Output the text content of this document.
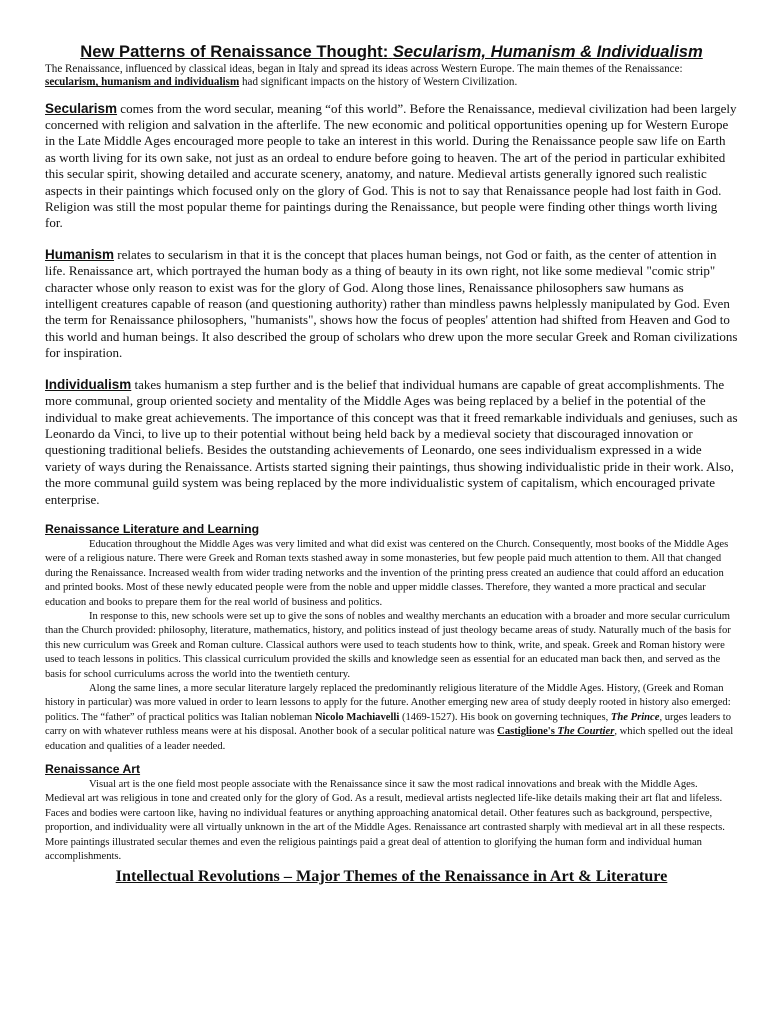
New Patterns of Renaissance Thought: Secularism, Humanism & Individualism

The Renaissance, influenced by classical ideas, began in Italy and spread its ideas across Western Europe. The main themes of the Renaissance: secularism, humanism and individualism had significant impacts on the history of Western Civilization.

Secularism comes from the word secular, meaning “of this world”. Before the Renaissance, medieval civilization had been largely concerned with religion and salvation in the afterlife. The new economic and political opportunities opening up for Western Europe in the Late Middle Ages encouraged more people to take an interest in this world. During the Renaissance people saw life on Earth as worth living for its own sake, not just as an ordeal to endure before going to heaven. The art of the period in particular exhibited this secular spirit, showing detailed and accurate scenery, anatomy, and nature. Medieval artists generally ignored such realistic aspects in their paintings which focused only on the glory of God. This is not to say that Renaissance people had lost faith in God. Religion was still the most popular theme for paintings during the Renaissance, but people were finding other things worth living for.

Humanism relates to secularism in that it is the concept that places human beings, not God or faith, as the center of attention in life. Renaissance art, which portrayed the human body as a thing of beauty in its own right, not like some medieval "comic strip" character whose only reason to exist was for the glory of God. Along those lines, Renaissance philosophers saw humans as intelligent creatures capable of reason (and questioning authority) rather than mindless pawns helplessly manipulated by God. Even the term for Renaissance philosophers, "humanists", shows how the focus of peoples' attention had shifted from Heaven and God to this world and human beings. It also described the group of scholars who drew upon the more secular Greek and Roman civilizations for inspiration.

Individualism takes humanism a step further and is the belief that individual humans are capable of great accomplishments. The more communal, group oriented society and mentality of the Middle Ages was being replaced by a belief in the potential of the individual to make great achievements. The importance of this concept was that it freed remarkable individuals and geniuses, such as Leonardo da Vinci, to live up to their potential without being held back by a medieval society that discouraged innovation or questioning traditional beliefs. Besides the outstanding achievements of Leonardo, one sees individualism expressed in a wide variety of ways during the Renaissance. Artists started signing their paintings, thus showing individualistic pride in their work. Also, the more communal guild system was being replaced by the more individualistic system of capitalism, which encouraged private enterprise.

Renaissance Literature and Learning

Education throughout the Middle Ages was very limited and what did exist was centered on the Church. Consequently, most books of the Middle Ages were of a religious nature. There were Greek and Roman texts stashed away in some monasteries, but few people paid much attention to them. All that changed during the Renaissance. Increased wealth from wider trading networks and the invention of the printing press created an audience that could afford an education and printed books. Most of these newly educated people were from the noble and upper middle classes. Therefore, they wanted a more practical and secular education and books to prepare them for the real world of business and politics.

In response to this, new schools were set up to give the sons of nobles and wealthy merchants an education with a broader and more secular curriculum than the Church provided: philosophy, literature, mathematics, history, and politics instead of just theology became areas of study. Naturally much of the basis for this new curriculum was Greek and Roman culture. Classical authors were used to teach students how to think, write, and speak. Greek and Roman history were used to teach lessons in politics. This classical curriculum provided the skills and knowledge seen as essential for an educated man back then, and served as the basis for school curriculums across the world into the twentieth century.

Along the same lines, a more secular literature largely replaced the predominantly religious literature of the Middle Ages. History, (Greek and Roman history in particular) was more valued in order to learn lessons to apply for the future. Another emerging new area of study deeply rooted in history also emerged: politics. The “father” of practical politics was Italian nobleman Nicolo Machiavelli (1469-1527). His book on governing techniques, The Prince, urges leaders to carry on with whatever ruthless means were at his disposal. Another book of a secular political nature was Castiglione's The Courtier, which spelled out the ideal education and qualities of a leader needed.

Renaissance Art

Visual art is the one field most people associate with the Renaissance since it saw the most radical innovations and break with the Middle Ages. Medieval art was religious in tone and created only for the glory of God. As a result, medieval artists neglected life-like details making their art flat and lifeless. Faces and bodies were cartoon like, having no individual features or anything approaching anatomical detail. Other features such as background, perspective, proportion, and individuality were all virtually unknown in the art of the Middle Ages. Renaissance art contrasted sharply with medieval art in all these respects. More paintings illustrated secular themes and even the religious paintings paid a great deal of attention to glorifying the human form and individual human accomplishments.

Intellectual Revolutions – Major Themes of the Renaissance in Art & Literature
